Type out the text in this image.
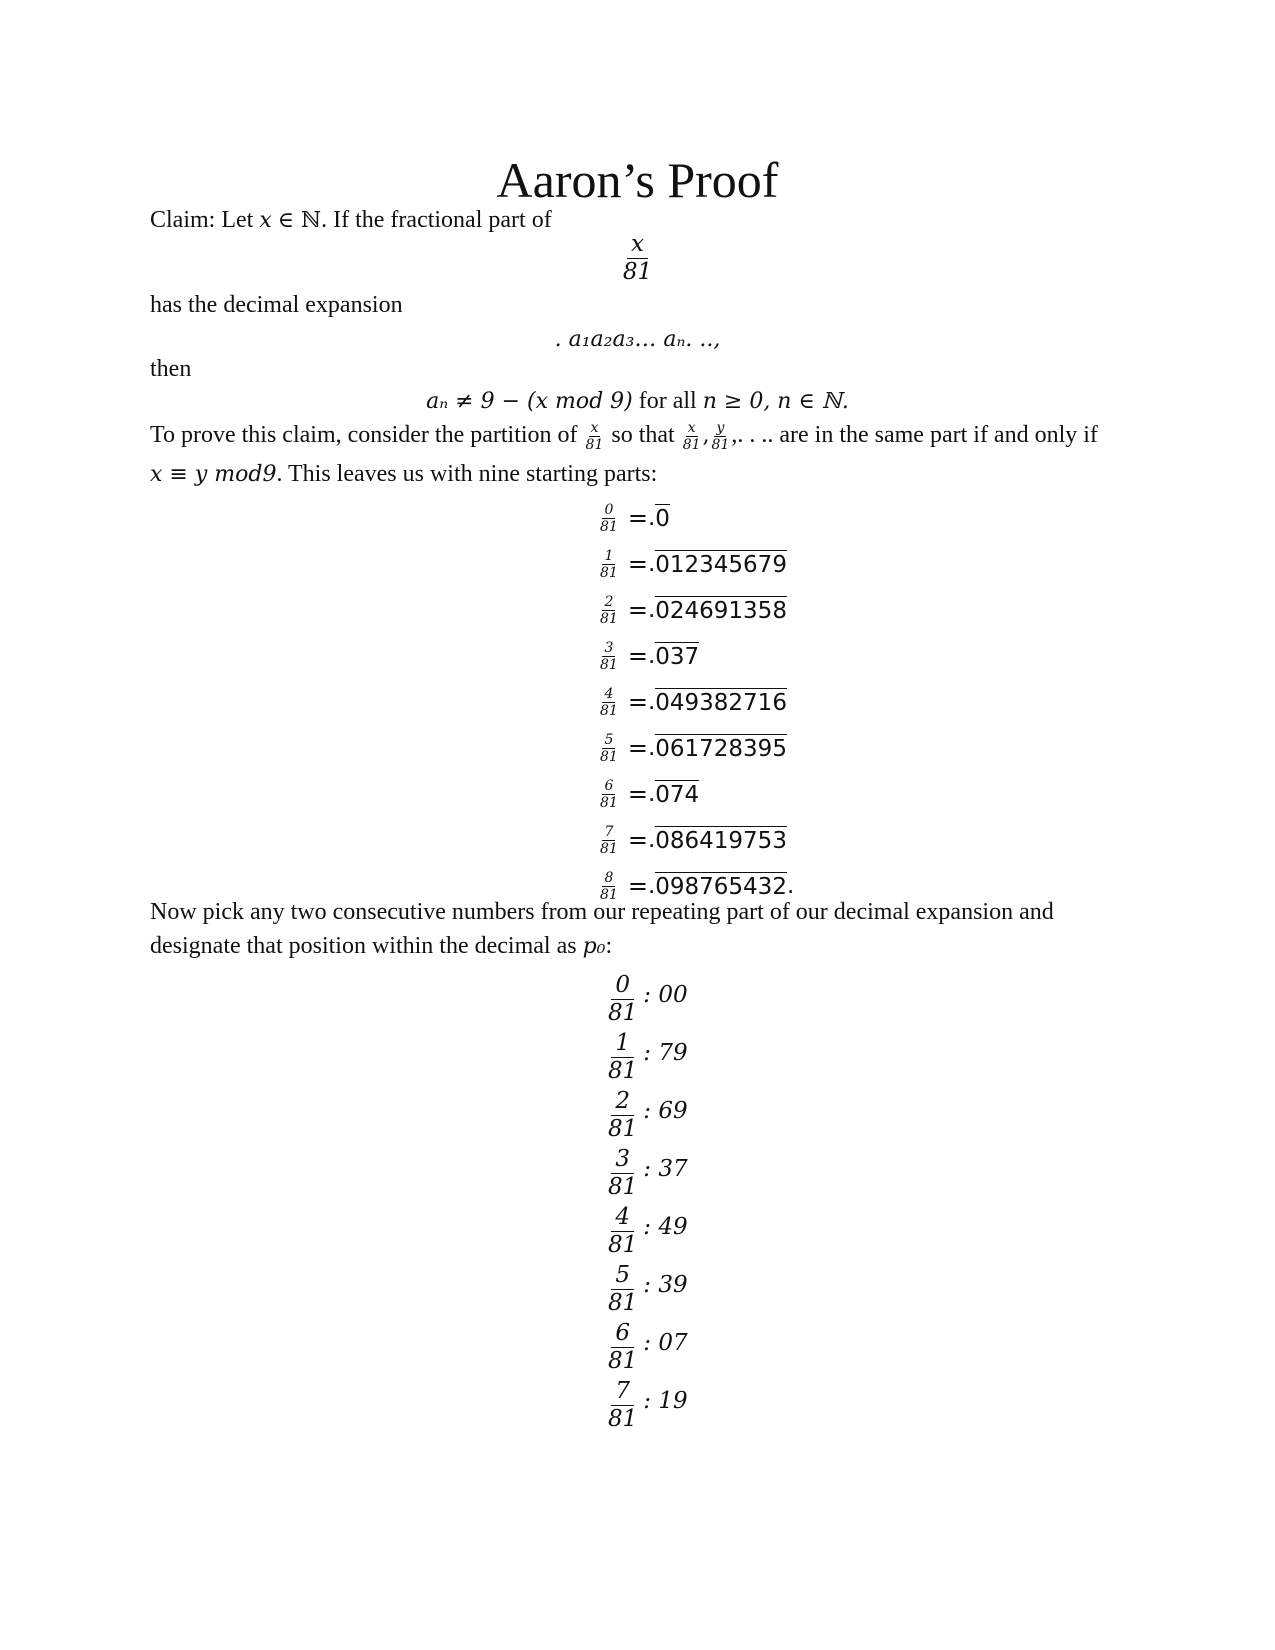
Aaron’s Proof
Claim: Let x ∈ ℕ. If the fractional part of
$\frac{x}{81}$
has the decimal expansion
. a₁a₂a₃… aₙ. ..,
then
aₙ ≠ 9 − (x mod 9) for all n ≥ 0, n ∈ ℕ.
To prove this claim, consider the partition of $\frac{x}{81}$ so that $\frac{x}{81}$ , $\frac{y}{81}$ ,. . .. are in the same part if and only if
x ≡ y mod9. This leaves us with nine starting parts:
$\frac{0}{81}$ = . 0
$\frac{1}{81}$ = . 012345679
$\frac{2}{81}$ = . 024691358
$\frac{3}{81}$ = . 037
$\frac{4}{81}$ = . 049382716
$\frac{5}{81}$ = . 061728395
$\frac{6}{81}$ = . 074
$\frac{7}{81}$ = . 086419753
$\frac{8}{81}$ = . 098765432 .
Now pick any two consecutive numbers from our repeating part of our decimal expansion and
designate that position within the decimal as p₀:
$\frac{0}{81}$ : 00
$\frac{1}{81}$ : 79
$\frac{2}{81}$ : 69
$\frac{3}{81}$ : 37
$\frac{4}{81}$ : 49
$\frac{5}{81}$ : 39
$\frac{6}{81}$ : 07
$\frac{7}{81}$ : 19
